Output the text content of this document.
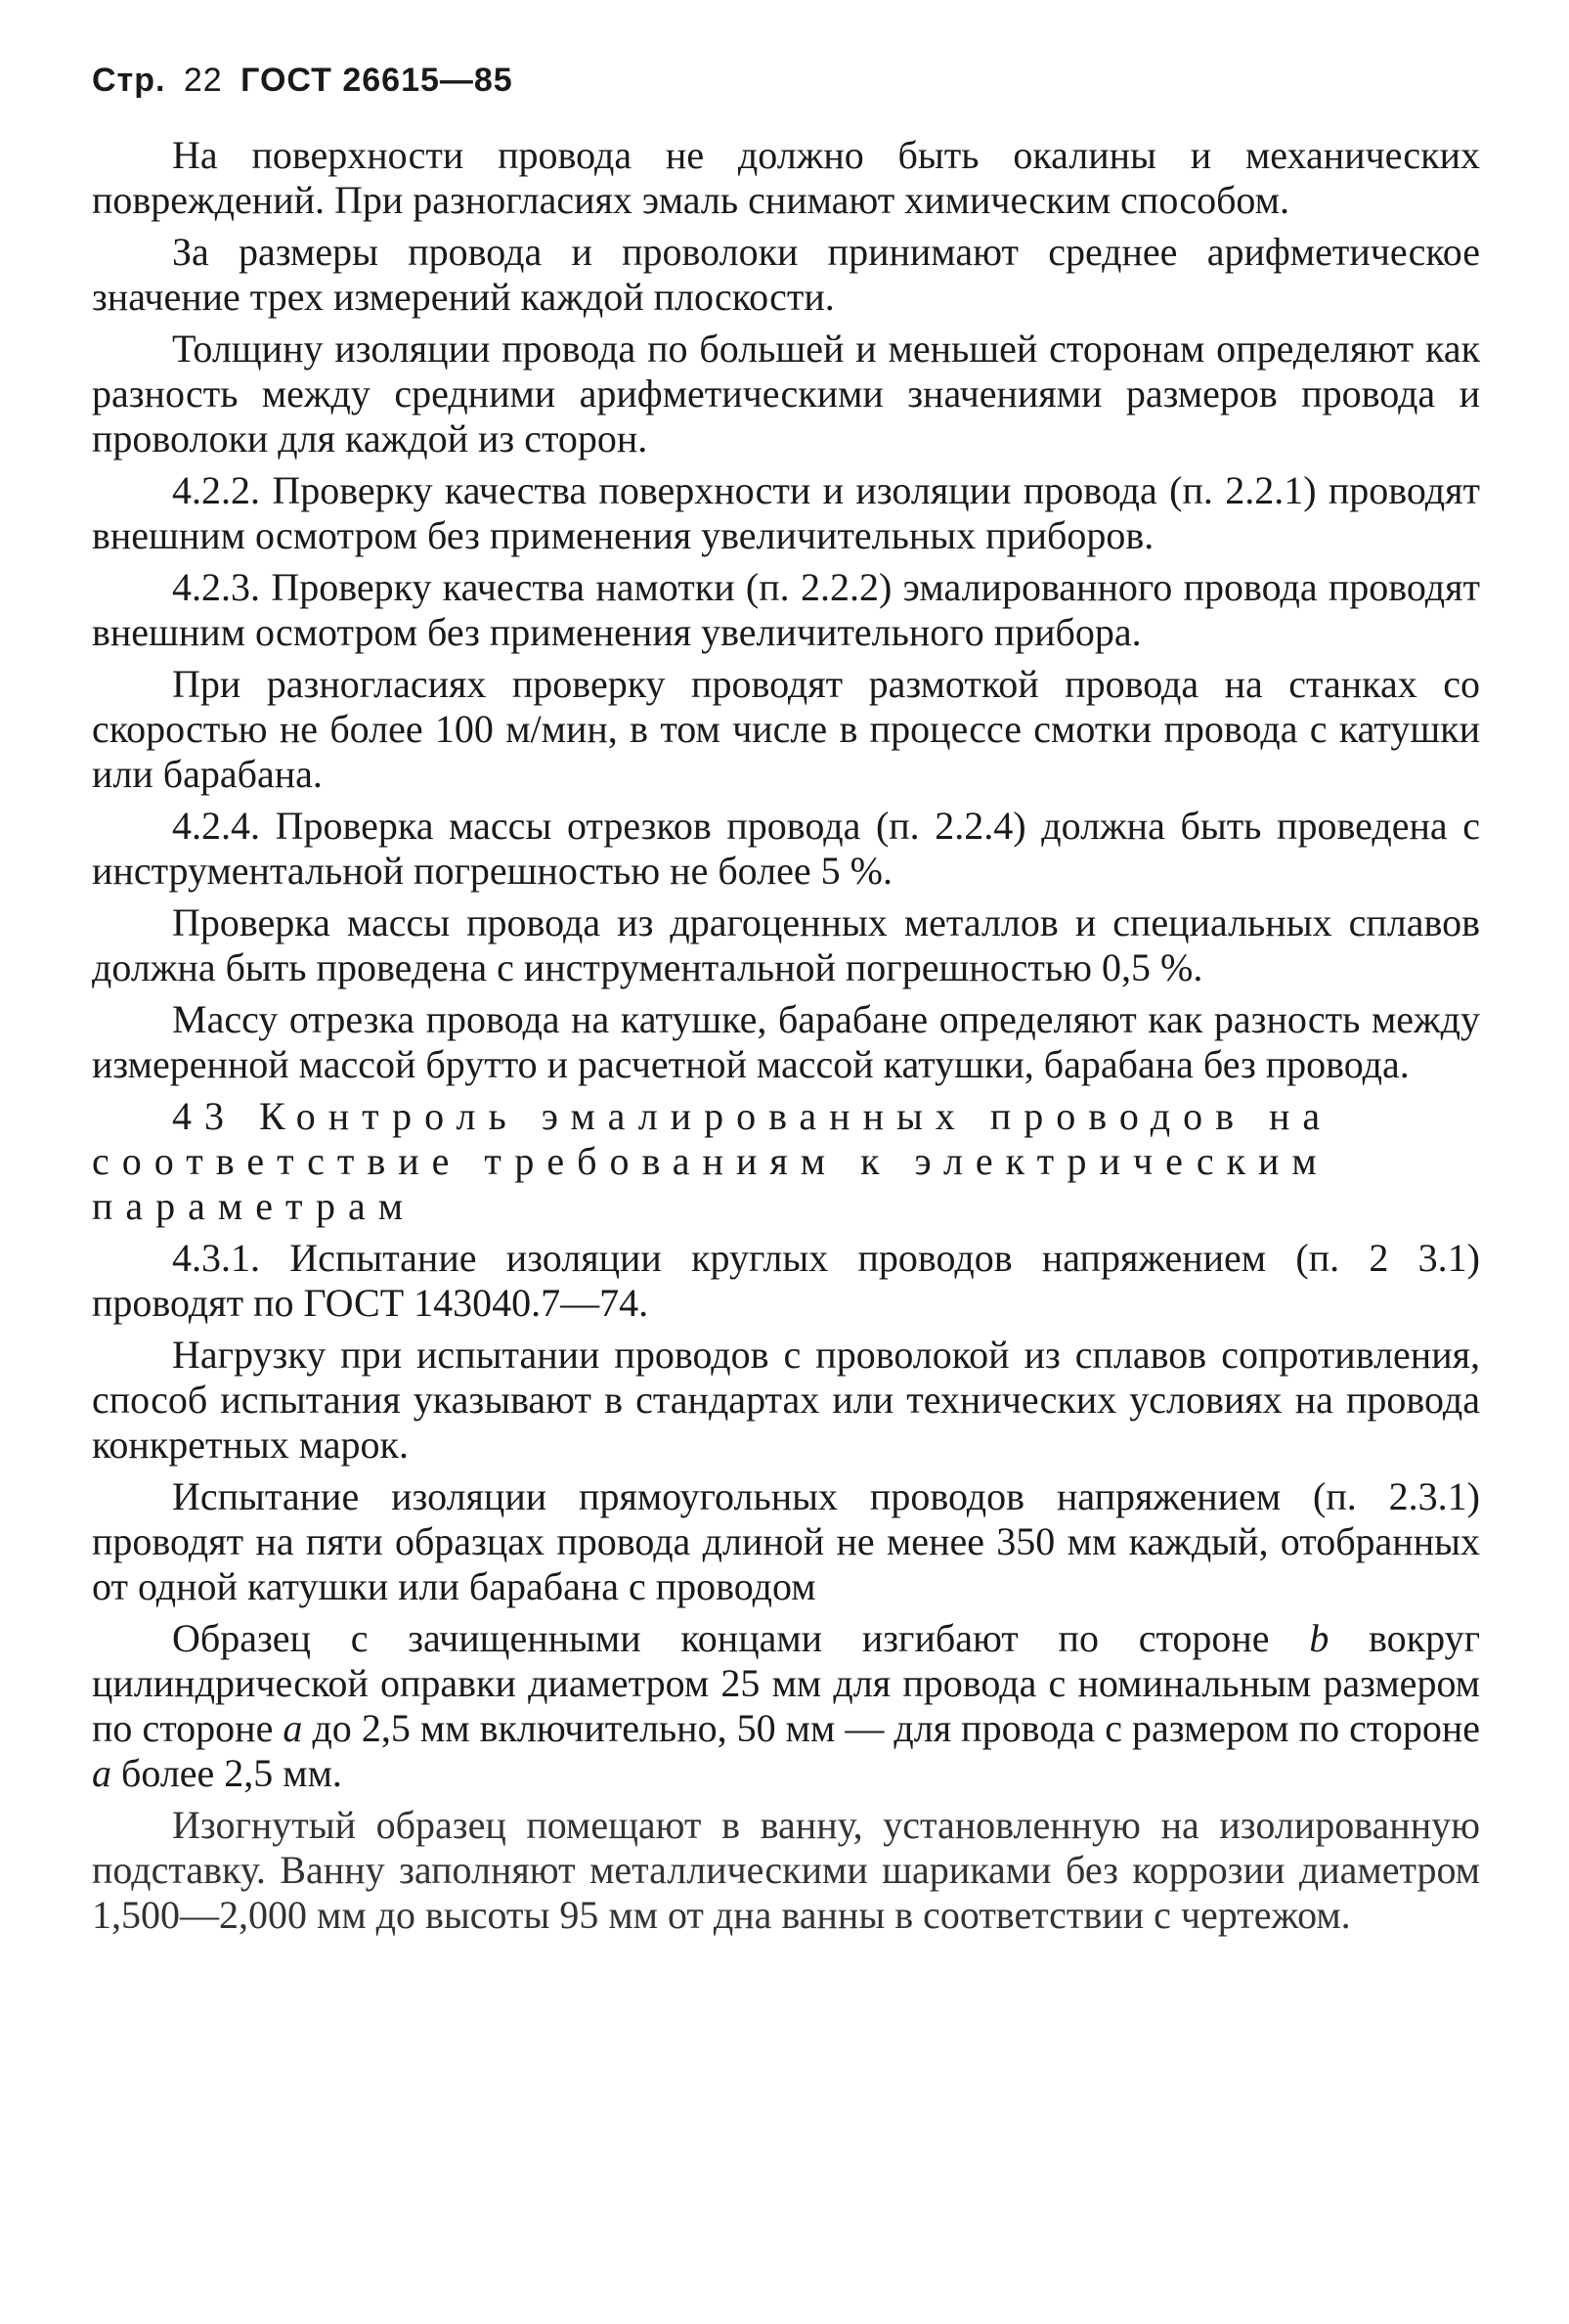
Стр. 22 ГОСТ 26615—85

На поверхности провода не должно быть окалины и механических повреждений. При разногласиях эмаль снимают химическим способом.

За размеры провода и проволоки принимают среднее арифметическое значение трех измерений каждой плоскости.

Толщину изоляции провода по большей и меньшей сторонам определяют как разность между средними арифметическими значениями размеров провода и проволоки для каждой из сторон.

4.2.2. Проверку качества поверхности и изоляции провода (п. 2.2.1) проводят внешним осмотром без применения увеличительных приборов.

4.2.3. Проверку качества намотки (п. 2.2.2) эмалированного провода проводят внешним осмотром без применения увеличительного прибора.

При разногласиях проверку проводят размоткой провода на станках со скоростью не более 100 м/мин, в том числе в процессе смотки провода с катушки или барабана.

4.2.4. Проверка массы отрезков провода (п. 2.2.4) должна быть проведена с инструментальной погрешностью не более 5 %.

Проверка массы провода из драгоценных металлов и специальных сплавов должна быть проведена с инструментальной погрешностью 0,5 %.

Массу отрезка провода на катушке, барабане определяют как разность между измеренной массой брутто и расчетной массой катушки, барабана без провода.

43 Контроль эмалированных проводов на соответствие требованиям к электрическим параметрам

4.3.1. Испытание изоляции круглых проводов напряжением (п. 2 3.1) проводят по ГОСТ 143040.7—74.

Нагрузку при испытании проводов с проволокой из сплавов сопротивления, способ испытания указывают в стандартах или технических условиях на провода конкретных марок.

Испытание изоляции прямоугольных проводов напряжением (п. 2.3.1) проводят на пяти образцах провода длиной не менее 350 мм каждый, отобранных от одной катушки или барабана с проводом

Образец с зачищенными концами изгибают по стороне b вокруг цилиндрической оправки диаметром 25 мм для провода с номинальным размером по стороне a до 2,5 мм включительно, 50 мм — для провода с размером по стороне a более 2,5 мм.

Изогнутый образец помещают в ванну, установленную на изолированную подставку. Ванну заполняют металлическими шариками без коррозии диаметром 1,500—2,000 мм до высоты 95 мм от дна ванны в соответствии с чертежом.
